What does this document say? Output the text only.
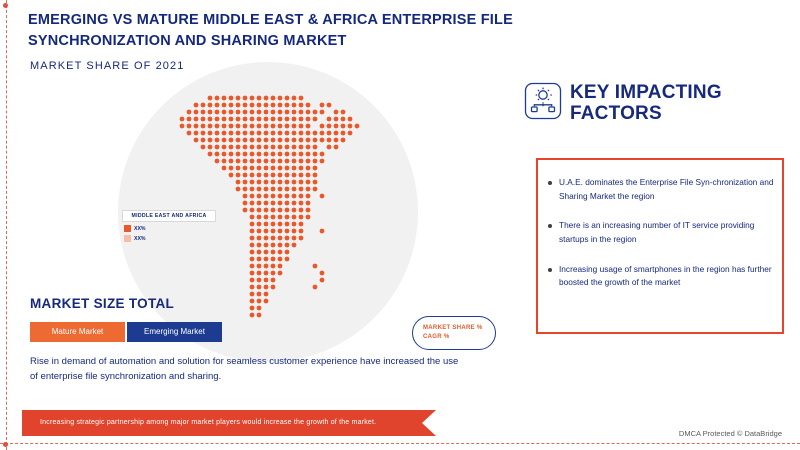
EMERGING VS MATURE MIDDLE EAST & AFRICA ENTERPRISE FILE SYNCHRONIZATION AND SHARING MARKET
MARKET SHARE OF 2021
MIDDLE EAST AND AFRICA
XX%
XX%
MARKET SIZE TOTAL
Mature Market	Emerging Market
Rise in demand of automation and solution for seamless customer experience have increased the use of enterprise file synchronization and sharing.
MARKET SHARE %
CAGR %
Increasing strategic partnership among major market players would increase the growth of the market.
DMCA Protected © DataBridge
KEY IMPACTING
FACTORS
U.A.E. dominates the Enterprise File Syn-chronization and Sharing Market the region
There is an increasing number of IT service providing startups in the region
Increasing usage of smartphones in the region has further boosted the growth of the market
